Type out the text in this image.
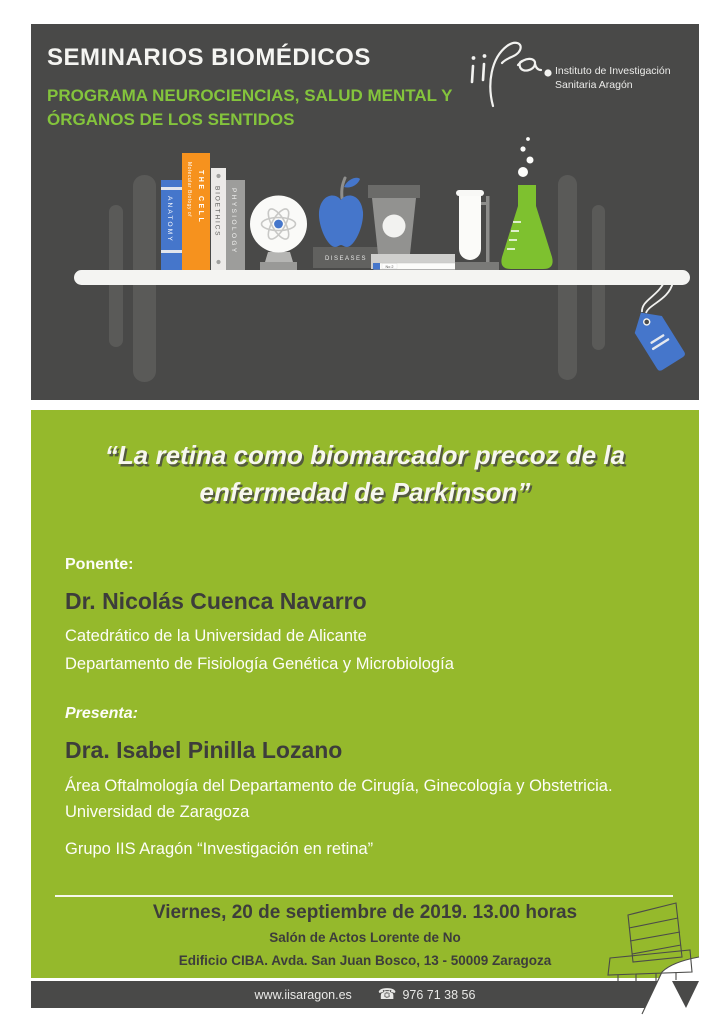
SEMINARIOS BIOMÉDICOS
PROGRAMA NEUROCIENCIAS, SALUD MENTAL Y
ÓRGANOS DE LOS SENTIDOS
Instituto de Investigación
Sanitaria Aragón
ANATOMY
Molecular Biology of THE CELL BIOETHICS PHYSIOLOGY
DISEASES
No 2
“La retina como biomarcador precoz de la
enfermedad de Parkinson”
Ponente:
Dr. Nicolás Cuenca Navarro
Catedrático de la Universidad de Alicante
Departamento de Fisiología Genética y Microbiología
Presenta:
Dra. Isabel Pinilla Lozano
Área Oftalmología del Departamento de Cirugía, Ginecología y Obstetricia.
Universidad de Zaragoza
Grupo IIS Aragón “Investigación en retina”
Viernes, 20 de septiembre de 2019. 13.00 horas
Salón de Actos Lorente de No
Edificio CIBA. Avda. San Juan Bosco, 13 - 50009 Zaragoza
www.iisaragon.es ☎ 976 71 38 56
